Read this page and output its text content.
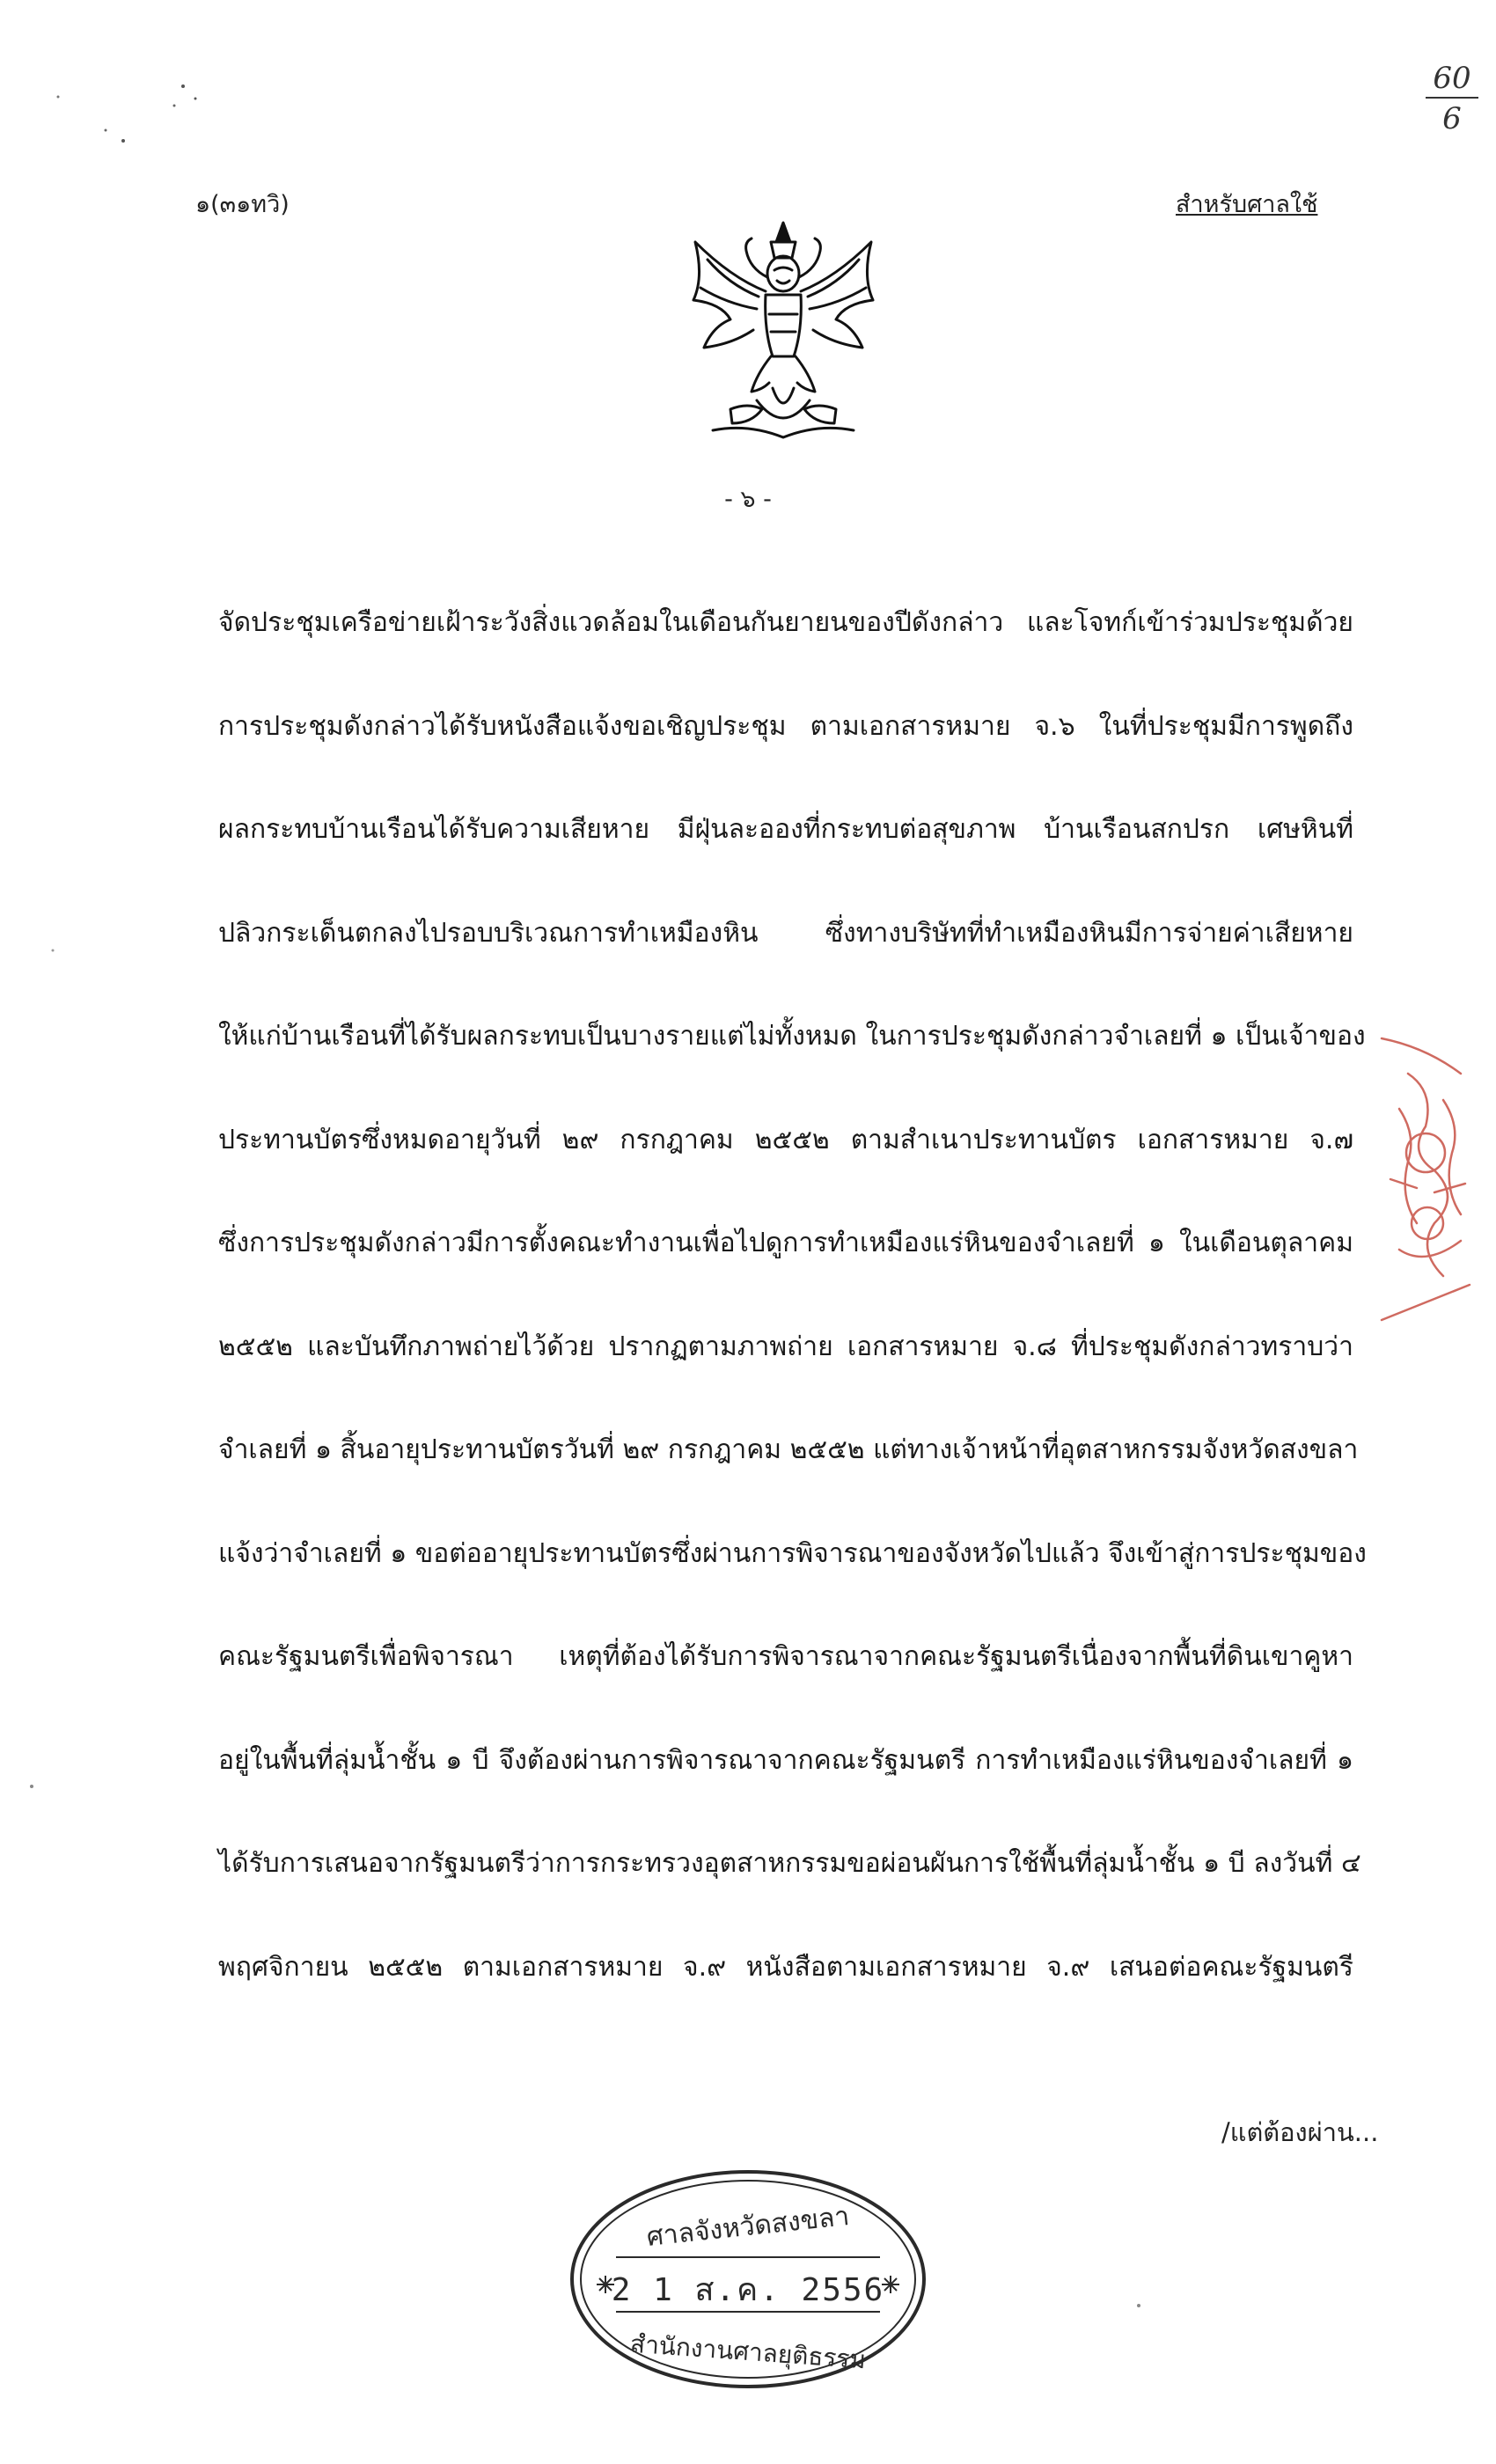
๑(๓๑ทวิ)	สำหรับศาลใช้
$\frac{60}{6}$
- ๖ -
จัดประชุมเครือข่ายเฝ้าระวังสิ่งแวดล้อมในเดือนกันยายนของปีดังกล่าว และโจทก์เข้าร่วมประชุมด้วย
การประชุมดังกล่าวได้รับหนังสือแจ้งขอเชิญประชุม ตามเอกสารหมาย จ.๖ ในที่ประชุมมีการพูดถึง
ผลกระทบบ้านเรือนได้รับความเสียหาย มีฝุ่นละอองที่กระทบต่อสุขภาพ บ้านเรือนสกปรก เศษหินที่
ปลิวกระเด็นตกลงไปรอบบริเวณการทำเหมืองหิน ซึ่งทางบริษัทที่ทำเหมืองหินมีการจ่ายค่าเสียหาย
ให้แก่บ้านเรือนที่ได้รับผลกระทบเป็นบางรายแต่ไม่ทั้งหมด ในการประชุมดังกล่าวจำเลยที่ ๑ เป็นเจ้าของ
ประทานบัตรซึ่งหมดอายุวันที่ ๒๙ กรกฎาคม ๒๕๕๒ ตามสำเนาประทานบัตร เอกสารหมาย จ.๗
ซึ่งการประชุมดังกล่าวมีการตั้งคณะทำงานเพื่อไปดูการทำเหมืองแร่หินของจำเลยที่ ๑ ในเดือนตุลาคม
๒๕๕๒ และบันทึกภาพถ่ายไว้ด้วย ปรากฏตามภาพถ่าย เอกสารหมาย จ.๘ ที่ประชุมดังกล่าวทราบว่า
จำเลยที่ ๑ สิ้นอายุประทานบัตรวันที่ ๒๙ กรกฎาคม ๒๕๕๒ แต่ทางเจ้าหน้าที่อุตสาหกรรมจังหวัดสงขลา
แจ้งว่าจำเลยที่ ๑ ขอต่ออายุประทานบัตรซึ่งผ่านการพิจารณาของจังหวัดไปแล้ว จึงเข้าสู่การประชุมของ
คณะรัฐมนตรีเพื่อพิจารณา เหตุที่ต้องได้รับการพิจารณาจากคณะรัฐมนตรีเนื่องจากพื้นที่ดินเขาคูหา
อยู่ในพื้นที่ลุ่มน้ำชั้น ๑ บี จึงต้องผ่านการพิจารณาจากคณะรัฐมนตรี การทำเหมืองแร่หินของจำเลยที่ ๑
ได้รับการเสนอจากรัฐมนตรีว่าการกระทรวงอุตสาหกรรมขอผ่อนผันการใช้พื้นที่ลุ่มน้ำชั้น ๑ บี ลงวันที่ ๔
พฤศจิกายน ๒๕๕๒ ตามเอกสารหมาย จ.๙ หนังสือตามเอกสารหมาย จ.๙ เสนอต่อคณะรัฐมนตรี
/แต่ต้องผ่าน...
ศาลจังหวัดสงขลา
2 1 ส.ค. 2556
สำนักงานศาลยุติธรรม
